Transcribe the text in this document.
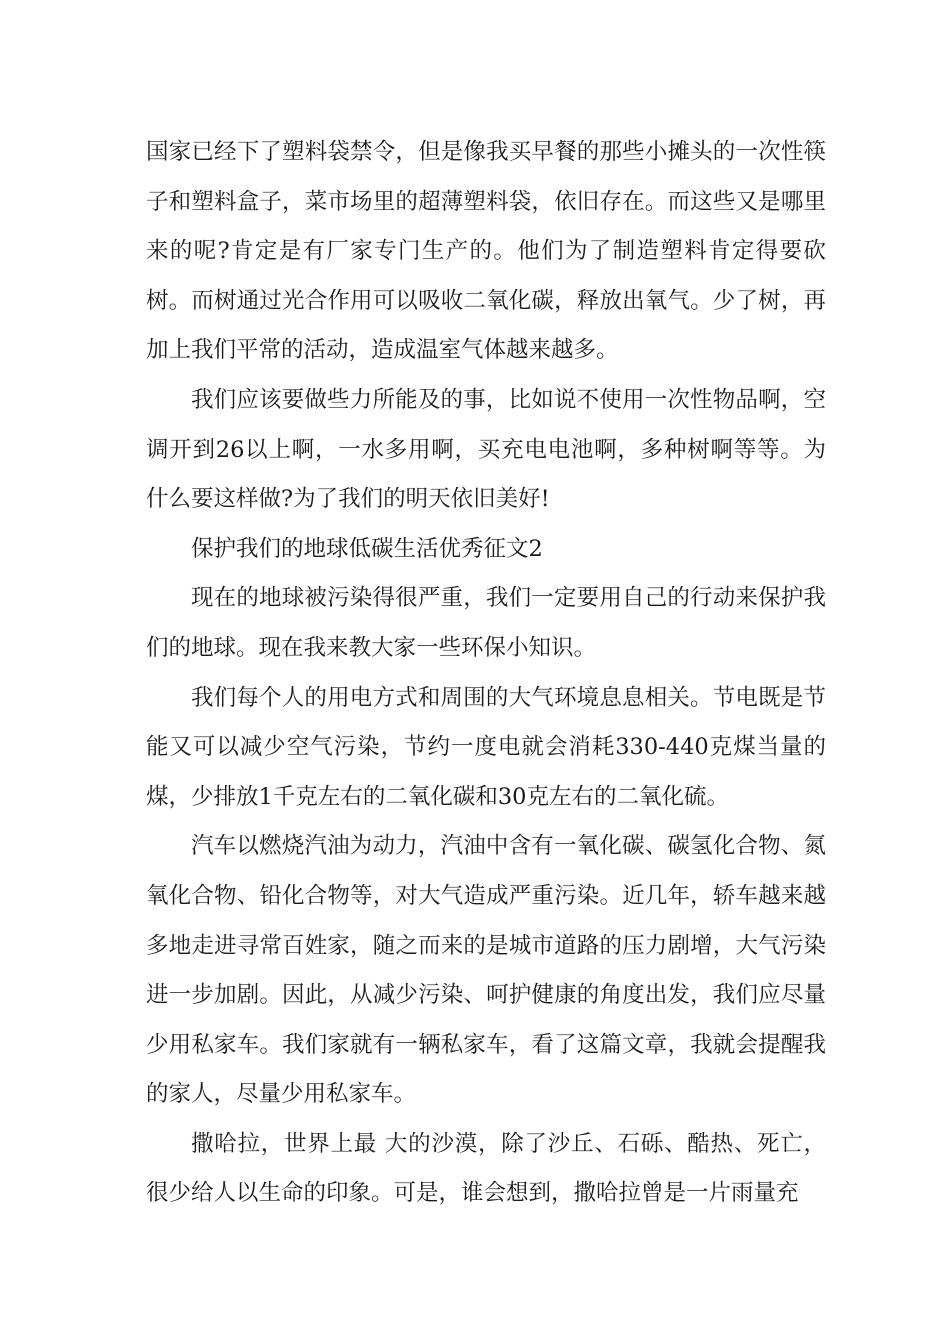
国家已经下了塑料袋禁令，但是像我买早餐的那些小摊头的一次性筷子和塑料盒子，菜市场里的超薄塑料袋，依旧存在。而这些又是哪里来的呢?肯定是有厂家专门生产的。他们为了制造塑料肯定得要砍树。而树通过光合作用可以吸收二氧化碳，释放出氧气。少了树，再加上我们平常的活动，造成温室气体越来越多。

我们应该要做些力所能及的事，比如说不使用一次性物品啊，空调开到26以上啊，一水多用啊，买充电电池啊，多种树啊等等。为什么要这样做?为了我们的明天依旧美好!

保护我们的地球低碳生活优秀征文2

现在的地球被污染得很严重，我们一定要用自己的行动来保护我们的地球。现在我来教大家一些环保小知识。

我们每个人的用电方式和周围的大气环境息息相关。节电既是节能又可以减少空气污染，节约一度电就会消耗330-440克煤当量的煤，少排放1千克左右的二氧化碳和30克左右的二氧化硫。

汽车以燃烧汽油为动力，汽油中含有一氧化碳、碳氢化合物、氮氧化合物、铅化合物等，对大气造成严重污染。近几年，轿车越来越多地走进寻常百姓家，随之而来的是城市道路的压力剧增，大气污染进一步加剧。因此，从减少污染、呵护健康的角度出发，我们应尽量少用私家车。我们家就有一辆私家车，看了这篇文章，我就会提醒我的家人，尽量少用私家车。

撒哈拉，世界上最 大的沙漠，除了沙丘、石砾、酷热、死亡，很少给人以生命的印象。可是，谁会想到，撒哈拉曾是一片雨量充
